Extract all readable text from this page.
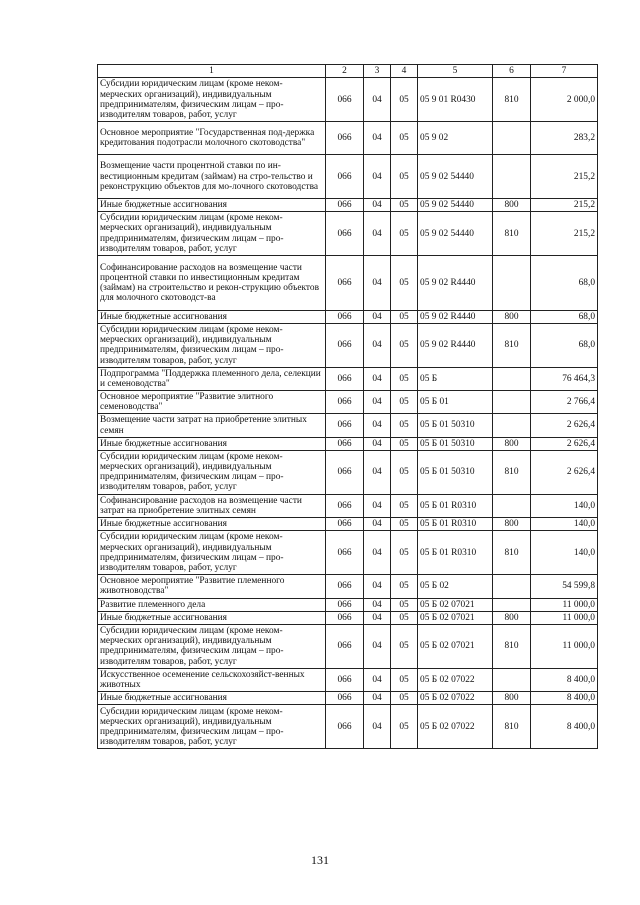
1	2	3	4	5	6	7
Субсидии юридическим лицам (кроме неком-мерческих организаций), индивидуальным предпринимателям, физическим лицам – про-изводителям товаров, работ, услуг	066	04	05	05 9 01 R0430	810	2 000,0
Основное мероприятие "Государственная под-держка кредитования подотрасли молочного скотоводства"	066	04	05	05 9 02		283,2
Возмещение части процентной ставки по ин-вестиционным кредитам (займам) на стро-тельство и реконструкцию объектов для мо-лочного скотоводства	066	04	05	05 9 02 54440		215,2
Иные бюджетные ассигнования	066	04	05	05 9 02 54440	800	215,2
Субсидии юридическим лицам (кроме неком-мерческих организаций), индивидуальным предпринимателям, физическим лицам – про-изводителям товаров, работ, услуг	066	04	05	05 9 02 54440	810	215,2
Софинансирование расходов на возмещение части процентной ставки по инвестиционным кредитам (займам) на строительство и рекон-струкцию объектов для молочного скотоводст-ва	066	04	05	05 9 02 R4440		68,0
Иные бюджетные ассигнования	066	04	05	05 9 02 R4440	800	68,0
Субсидии юридическим лицам (кроме неком-мерческих организаций), индивидуальным предпринимателям, физическим лицам – про-изводителям товаров, работ, услуг	066	04	05	05 9 02 R4440	810	68,0
Подпрограмма "Поддержка племенного дела, селекции и семеноводства"	066	04	05	05 Б		76 464,3
Основное мероприятие "Развитие элитного семеноводства"	066	04	05	05 Б 01		2 766,4
Возмещение части затрат на приобретение элитных семян	066	04	05	05 Б 01 50310		2 626,4
Иные бюджетные ассигнования	066	04	05	05 Б 01 50310	800	2 626,4
Субсидии юридическим лицам (кроме неком-мерческих организаций), индивидуальным предпринимателям, физическим лицам – про-изводителям товаров, работ, услуг	066	04	05	05 Б 01 50310	810	2 626,4
Софинансирование расходов на возмещение части затрат на приобретение элитных семян	066	04	05	05 Б 01 R0310		140,0
Иные бюджетные ассигнования	066	04	05	05 Б 01 R0310	800	140,0
Субсидии юридическим лицам (кроме неком-мерческих организаций), индивидуальным предпринимателям, физическим лицам – про-изводителям товаров, работ, услуг	066	04	05	05 Б 01 R0310	810	140,0
Основное мероприятие "Развитие племенного животноводства"	066	04	05	05 Б 02		54 599,8
Развитие племенного дела	066	04	05	05 Б 02 07021		11 000,0
Иные бюджетные ассигнования	066	04	05	05 Б 02 07021	800	11 000,0
Субсидии юридическим лицам (кроме неком-мерческих организаций), индивидуальным предпринимателям, физическим лицам – про-изводителям товаров, работ, услуг	066	04	05	05 Б 02 07021	810	11 000,0
Искусственное осеменение сельскохозяйст-венных животных	066	04	05	05 Б 02 07022		8 400,0
Иные бюджетные ассигнования	066	04	05	05 Б 02 07022	800	8 400,0
Субсидии юридическим лицам (кроме неком-мерческих организаций), индивидуальным предпринимателям, физическим лицам – про-изводителям товаров, работ, услуг	066	04	05	05 Б 02 07022	810	8 400,0
131
